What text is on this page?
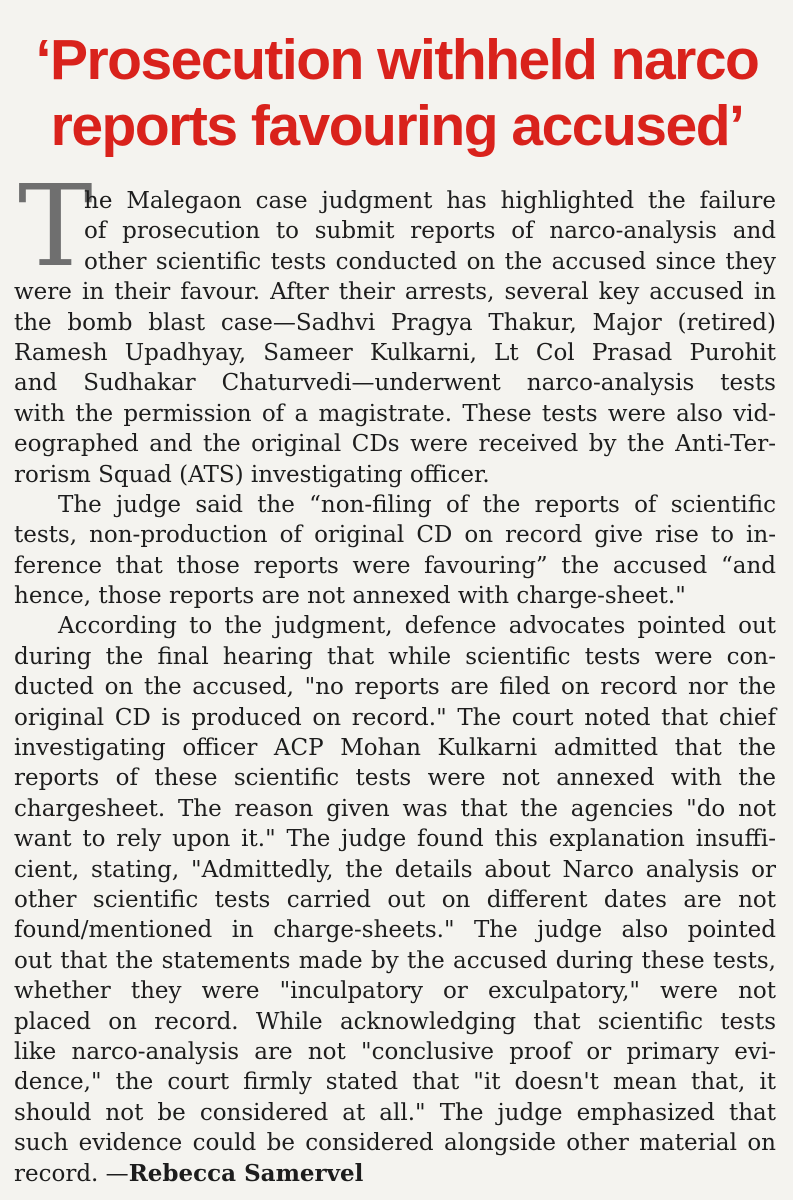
‘Prosecution withheld narco
reports favouring accused’
T
he Malegaon case judgment has highlighted the failure
of prosecution to submit reports of narco-analysis and
other scientific tests conducted on the accused since they
were in their favour. After their arrests, several key accused in
the bomb blast case—Sadhvi Pragya Thakur, Major (retired)
Ramesh Upadhyay, Sameer Kulkarni, Lt Col Prasad Purohit
and Sudhakar Chaturvedi—underwent narco-analysis tests
with the permission of a magistrate. These tests were also vid-
eographed and the original CDs were received by the Anti-Ter-
rorism Squad (ATS) investigating officer.
The judge said the “non-filing of the reports of scientific
tests, non-production of original CD on record give rise to in-
ference that those reports were favouring” the accused “and
hence, those reports are not annexed with charge-sheet."
According to the judgment, defence advocates pointed out
during the final hearing that while scientific tests were con-
ducted on the accused, "no reports are filed on record nor the
original CD is produced on record." The court noted that chief
investigating officer ACP Mohan Kulkarni admitted that the
reports of these scientific tests were not annexed with the
chargesheet. The reason given was that the agencies "do not
want to rely upon it." The judge found this explanation insuffi-
cient, stating, "Admittedly, the details about Narco analysis or
other scientific tests carried out on different dates are not
found/mentioned in charge-sheets." The judge also pointed
out that the statements made by the accused during these tests,
whether they were "inculpatory or exculpatory," were not
placed on record. While acknowledging that scientific tests
like narco-analysis are not "conclusive proof or primary evi-
dence," the court firmly stated that "it doesn't mean that, it
should not be considered at all." The judge emphasized that
such evidence could be considered alongside other material on
record. —Rebecca Samervel
